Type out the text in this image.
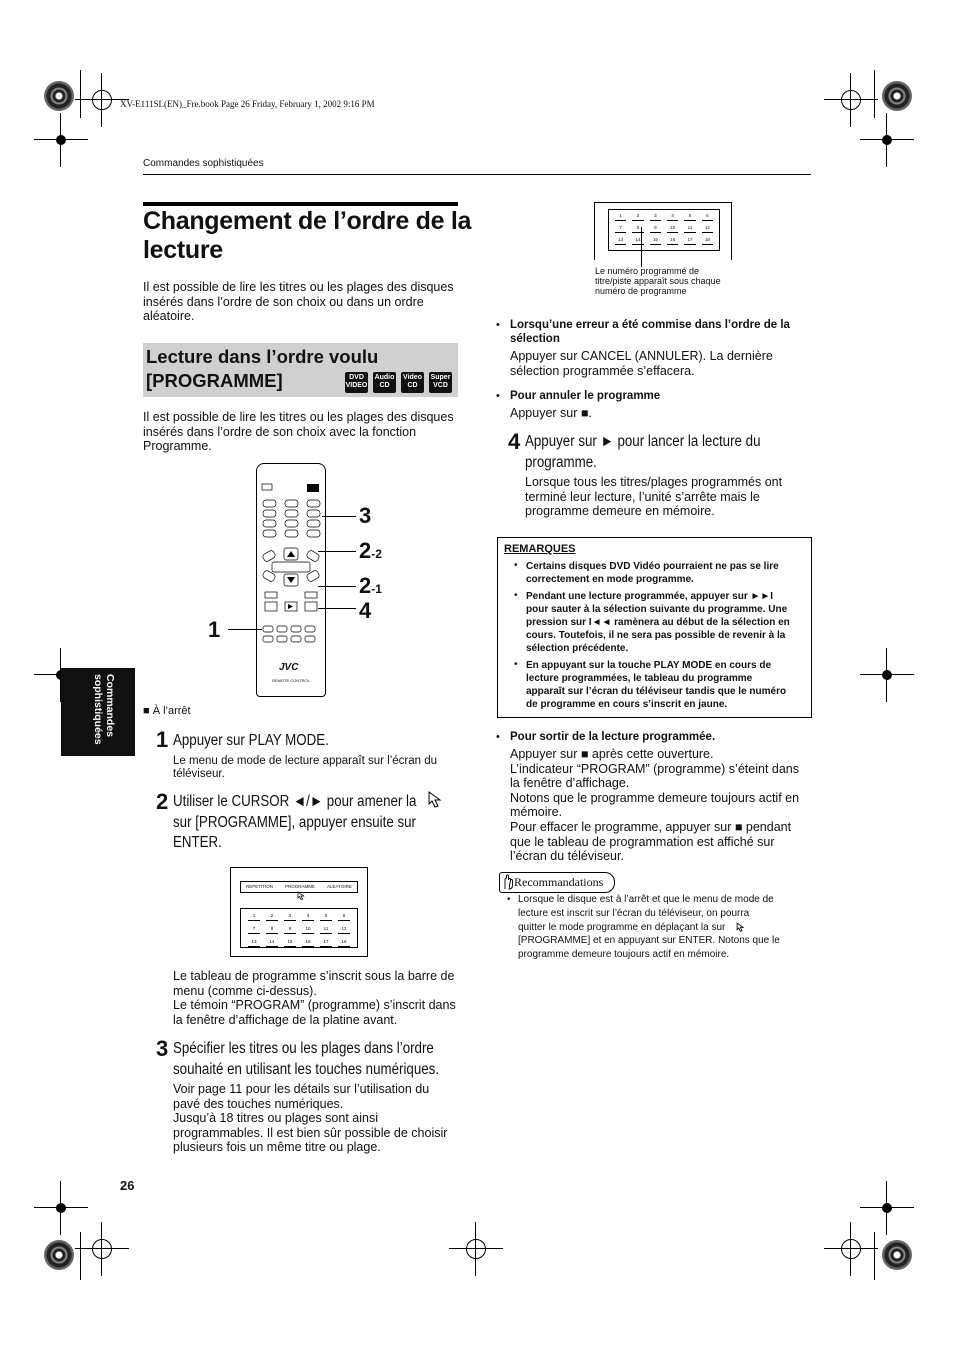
XV-E111SL(EN)_Fre.book Page 26 Friday, February 1, 2002 9:16 PM
Commandes sophistiquées
Changement de l’ordre de la
lecture
Il est possible de lire les titres ou les plages des disques
insérés dans l’ordre de son choix ou dans un ordre
aléatoire.
Lecture dans l’ordre voulu
[PROGRAMME]	DVD
VIDEO
Audio
CD
Video
CD
Super
VCD
Il est possible de lire les titres ou les plages des disques
insérés dans l’ordre de son choix avec la fonction
Programme.
JVC
REMOTE CONTROL
3
2-2
2-1
4
1
■ À l’arrêt
Commandes
sophistiquées 1 Appuyer sur PLAY MODE.
Le menu de mode de lecture apparaît sur l’écran du
téléviseur.
2 Utiliser le CURSOR ◄/► pour amener la
sur [PROGRAMME], appuyer ensuite sur
ENTER.
REPETITION	PROGRAMME	ALEATOIRE
1	2	3	4	5	6
7	8	9	10	11	12
13	14	15	16	17	18
Le tableau de programme s’inscrit sous la barre de
menu (comme ci-dessus).
Le témoin “PROGRAM” (programme) s’inscrit dans
la fenêtre d’affichage de la platine avant.
3 Spécifier les titres ou les plages dans l’ordre
souhaité en utilisant les touches numériques.
Voir page 11 pour les détails sur l’utilisation du
pavé des touches numériques.
Jusqu’à 18 titres ou plages sont ainsi
programmables. Il est bien sûr possible de choisir
plusieurs fois un même titre ou plage.
26
1	2	3	4	5	6
7	8	9	10	11	12
13	14	15	16	17	18
Le numéro programmé de
titre/piste apparaît sous chaque
numéro de programme
• Lorsqu’une erreur a été commise dans l’ordre de la
sélection
Appuyer sur CANCEL (ANNULER). La dernière
sélection programmée s’effacera.
• Pour annuler le programme
Appuyer sur ■.
4 Appuyer sur ► pour lancer la lecture du
programme.
Lorsque tous les titres/plages programmés ont
terminé leur lecture, l’unité s’arrête mais le
programme demeure en mémoire.
REMARQUES
• Certains disques DVD Vidéo pourraient ne pas se lire
correctement en mode programme.
• Pendant une lecture programmée, appuyer sur ►►I
pour sauter à la sélection suivante du programme. Une
pression sur I◄◄ ramènera au début de la sélection en
cours. Toutefois, il ne sera pas possible de revenir à la
sélection précédente.
• En appuyant sur la touche PLAY MODE en cours de
lecture programmées, le tableau du programme
apparaît sur l’écran du téléviseur tandis que le numéro
de programme en cours s’inscrit en jaune.
• Pour sortir de la lecture programmée.
Appuyer sur ■ après cette ouverture.
L’indicateur “PROGRAM” (programme) s’éteint dans
la fenêtre d’affichage.
Notons que le programme demeure toujours actif en
mémoire.
Pour effacer le programme, appuyer sur ■ pendant
que le tableau de programmation est affiché sur
l’écran du téléviseur.
Recommandations
• Lorsque le disque est à l’arrêt et que le menu de mode de
lecture est inscrit sur l’écran du téléviseur, on pourra
quitter le mode programme en déplaçant la sur
[PROGRAMME] et en appuyant sur ENTER. Notons que le
programme demeure toujours actif en mémoire.
